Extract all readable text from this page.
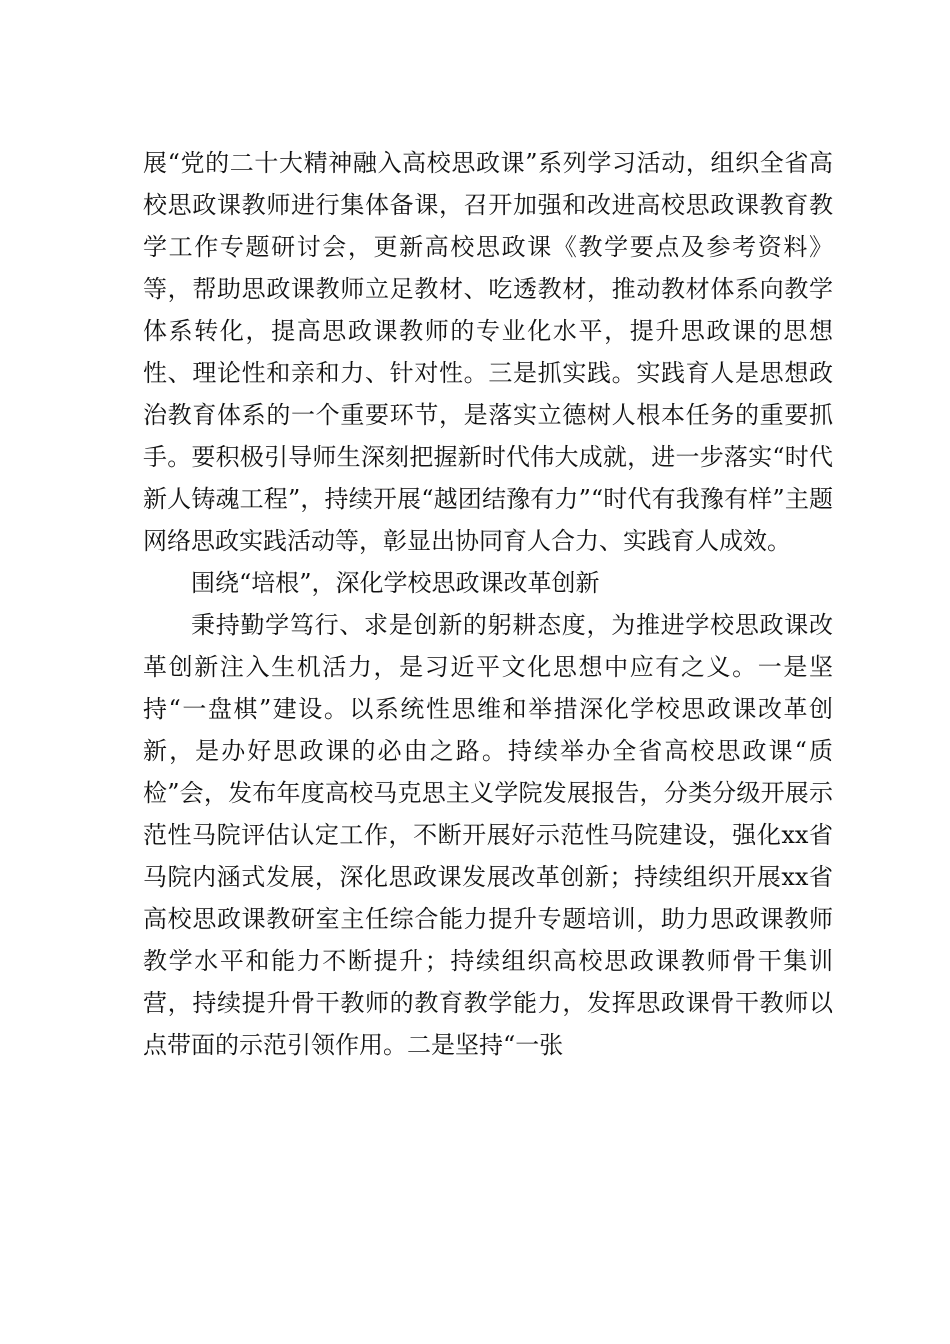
展“党的二十大精神融入高校思政课”系列学习活动，组织全省高校思政课教师进行集体备课，召开加强和改进高校思政课教育教学工作专题研讨会，更新高校思政课《教学要点及参考资料》等，帮助思政课教师立足教材、吃透教材，推动教材体系向教学体系转化，提高思政课教师的专业化水平，提升思政课的思想性、理论性和亲和力、针对性。三是抓实践。实践育人是思想政治教育体系的一个重要环节，是落实立德树人根本任务的重要抓手。要积极引导师生深刻把握新时代伟大成就，进一步落实“时代新人铸魂工程”，持续开展“越团结豫有力”“时代有我豫有样”主题网络思政实践活动等，彰显出协同育人合力、实践育人成效。

围绕“培根”，深化学校思政课改革创新

秉持勤学笃行、求是创新的躬耕态度，为推进学校思政课改革创新注入生机活力，是习近平文化思想中应有之义。一是坚持“一盘棋”建设。以系统性思维和举措深化学校思政课改革创新，是办好思政课的必由之路。持续举办全省高校思政课“质检”会，发布年度高校马克思主义学院发展报告，分类分级开展示范性马院评估认定工作，不断开展好示范性马院建设，强化xx省马院内涵式发展，深化思政课发展改革创新；持续组织开展xx省高校思政课教研室主任综合能力提升专题培训，助力思政课教师教学水平和能力不断提升；持续组织高校思政课教师骨干集训营，持续提升骨干教师的教育教学能力，发挥思政课骨干教师以点带面的示范引领作用。二是坚持“一张
